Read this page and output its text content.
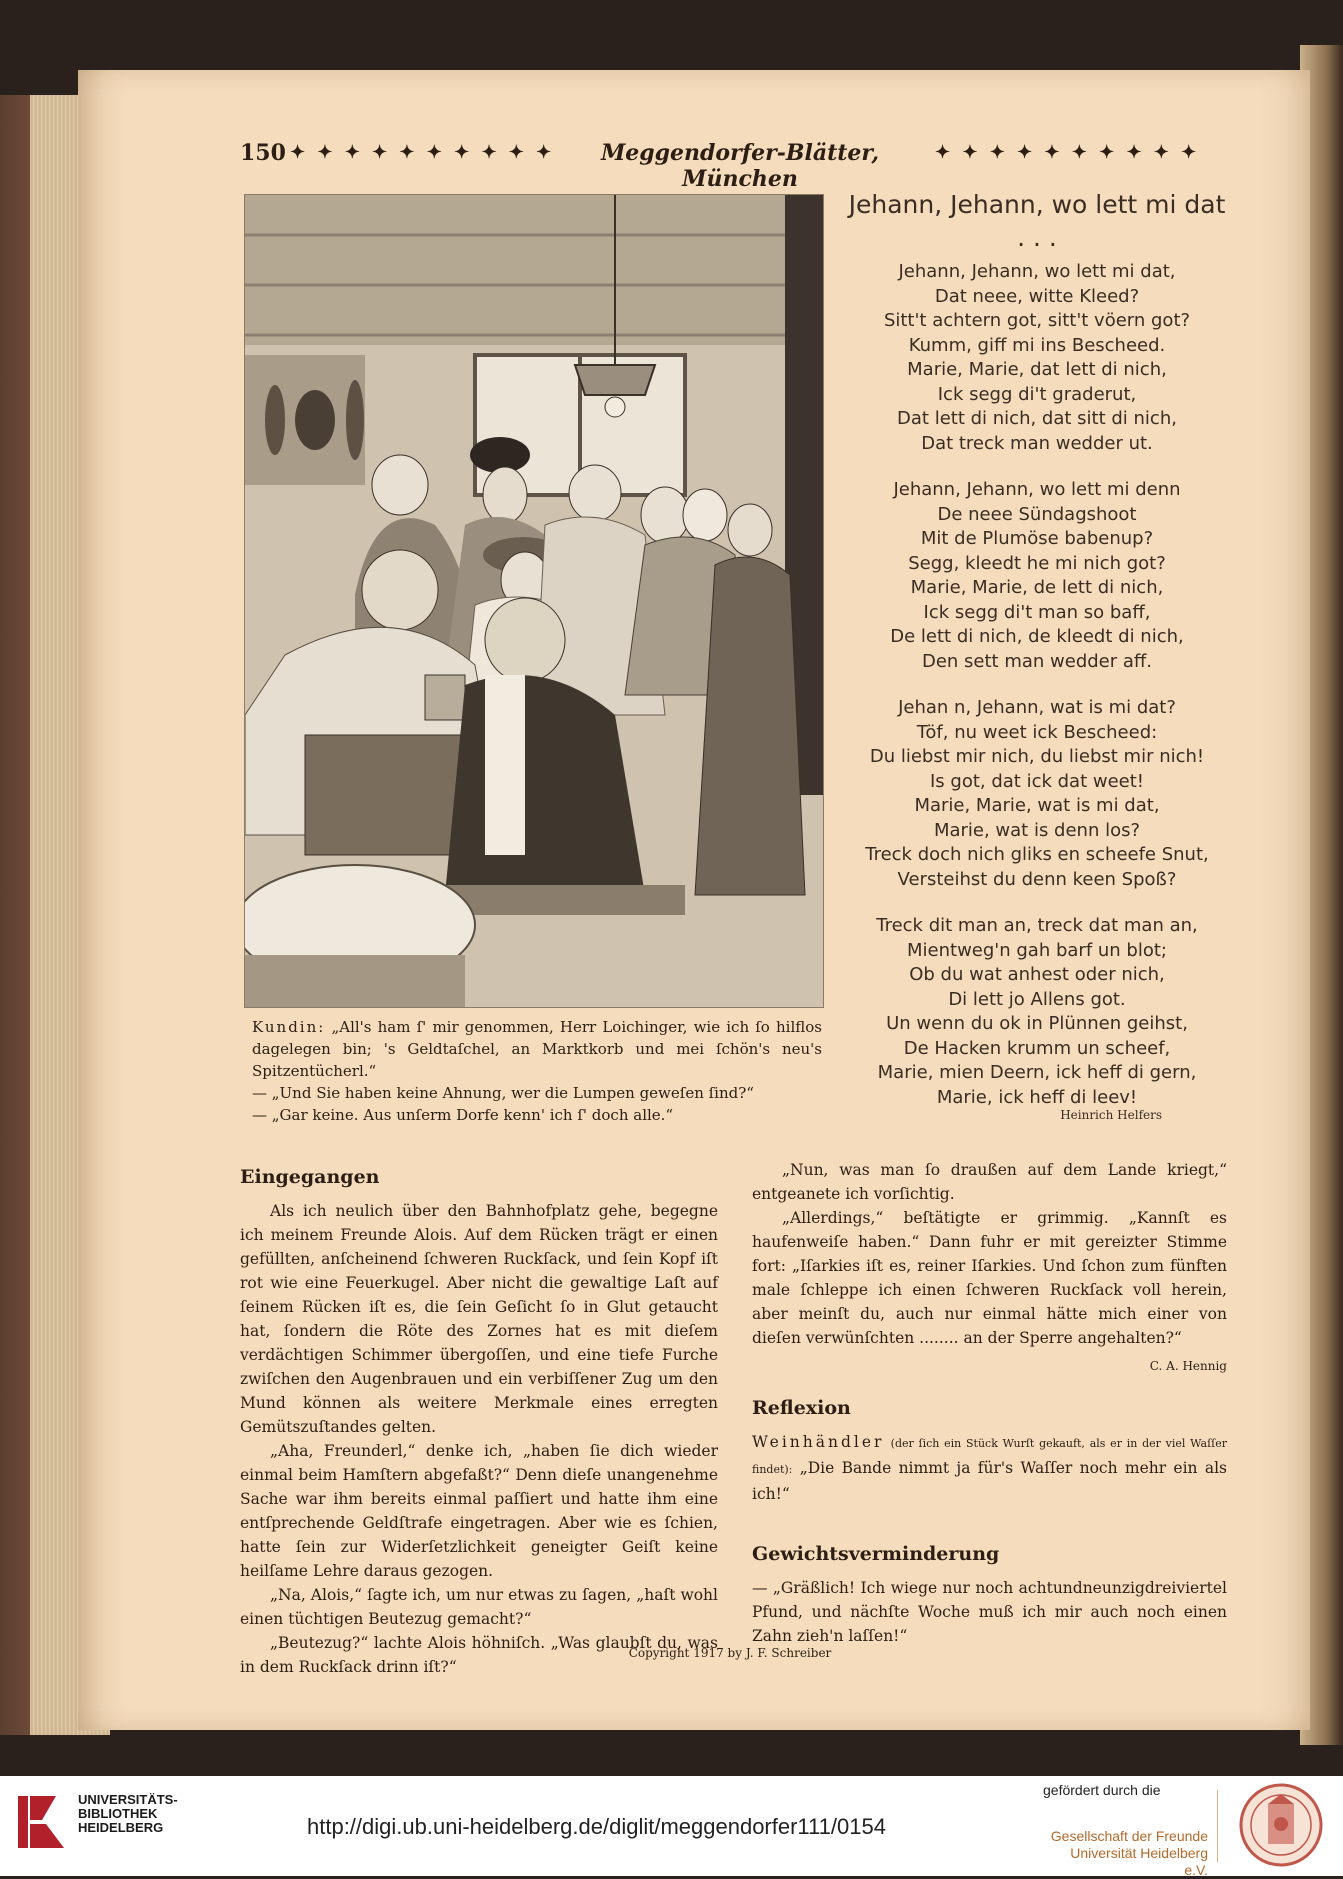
150 ✦ ✦ ✦ ✦ ✦ ✦ ✦ ✦ ✦ ✦	Meggendorfer-Blätter, München
✦ ✦ ✦ ✦ ✦ ✦ ✦ ✦ ✦ ✦

Kundin: „All's ham ſ' mir genommen, Herr Loichinger, wie ich ſo hilflos dagelegen bin; 's Geldtaſchel, an Marktkorb und mei ſchön's neu's Spitzentücherl.“

— „Und Sie haben keine Ahnung, wer die Lumpen geweſen ſind?“

— „Gar keine. Aus unſerm Dorfe kenn' ich ſ' doch alle.“

Jehann, Jehann, wo lett mi dat . . .
Jehann, Jehann, wo lett mi dat,
Dat neee, witte Kleed?
Sitt't achtern got, sitt't vöern got?
Kumm, giff mi ins Bescheed.
Marie, Marie, dat lett di nich,
Ick segg di't graderut,
Dat lett di nich, dat sitt di nich,
Dat treck man wedder ut.
Jehann, Jehann, wo lett mi denn
De neee Sündagshoot
Mit de Plumöse babenup?
Segg, kleedt he mi nich got?
Marie, Marie, de lett di nich,
Ick segg di't man so baff,
De lett di nich, de kleedt di nich,
Den sett man wedder aff.
Jehan n, Jehann, wat is mi dat?
Töf, nu weet ick Bescheed:
Du liebst mir nich, du liebst mir nich!
Is got, dat ick dat weet!
Marie, Marie, wat is mi dat,
Marie, wat is denn los?
Treck doch nich gliks en scheefe Snut,
Versteihst du denn keen Spoß?
Treck dit man an, treck dat man an,
Mientweg'n gah barf un blot;
Ob du wat anhest oder nich,
Di lett jo Allens got.
Un wenn du ok in Plünnen geihst,
De Hacken krumm un scheef,
Marie, mien Deern, ick heff di gern,
Marie, ick heff di leev!
Heinrich Helfers
Eingegangen

Als ich neulich über den Bahnhofplatz gehe, begegne ich meinem Freunde Alois. Auf dem Rücken trägt er einen gefüllten, anſcheinend ſchweren Ruckſack, und ſein Kopf iſt rot wie eine Feuerkugel. Aber nicht die gewaltige Laſt auf ſeinem Rücken iſt es, die ſein Geſicht ſo in Glut getaucht hat, ſondern die Röte des Zornes hat es mit dieſem verdächtigen Schimmer übergoſſen, und eine tiefe Furche zwiſchen den Augenbrauen und ein verbiſſener Zug um den Mund können als weitere Merkmale eines erregten Gemütszuſtandes gelten.

„Aha, Freunderl,“ denke ich, „haben ſie dich wieder einmal beim Hamſtern abgefaßt?“ Denn dieſe unangenehme Sache war ihm bereits einmal paſſiert und hatte ihm eine entſprechende Geldſtrafe eingetragen. Aber wie es ſchien, hatte ſein zur Widerſetzlichkeit geneigter Geiſt keine heilſame Lehre daraus gezogen.

„Na, Alois,“ ſagte ich, um nur etwas zu ſagen, „haſt wohl einen tüchtigen Beutezug gemacht?“

„Beutezug?“ lachte Alois höhniſch. „Was glaubſt du, was in dem Ruckſack drinn iſt?“

„Nun, was man ſo draußen auf dem Lande kriegt,“ entgeanete ich vorſichtig.

„Allerdings,“ beſtätigte er grimmig. „Kannſt es haufenweiſe haben.“ Dann fuhr er mit gereizter Stimme fort: „Iſarkies iſt es, reiner Iſarkies. Und ſchon zum fünften male ſchleppe ich einen ſchweren Ruckſack voll herein, aber meinſt du, auch nur einmal hätte mich einer von dieſen verwünſchten ........ an der Sperre angehalten?“

C. A. Hennig
Reflexion

Weinhändler (der ſich ein Stück Wurſt gekauft, als er in der viel Waſſer findet): „Die Bande nimmt ja für's Waſſer noch mehr ein als ich!“

Gewichtsverminderung

— „Gräßlich! Ich wiege nur noch achtundneunzigdreiviertel Pfund, und nächſte Woche muß ich mir auch noch einen Zahn zieh'n laſſen!“

Copyright 1917 by J. F. Schreiber
UNIVERSITÄTS-
BIBLIOTHEK
HEIDELBERG	http://digi.ub.uni-heidelberg.de/diglit/meggendorfer111/0154
gefördert durch die
Gesellschaft der Freunde
Universität Heidelberg e.V.
